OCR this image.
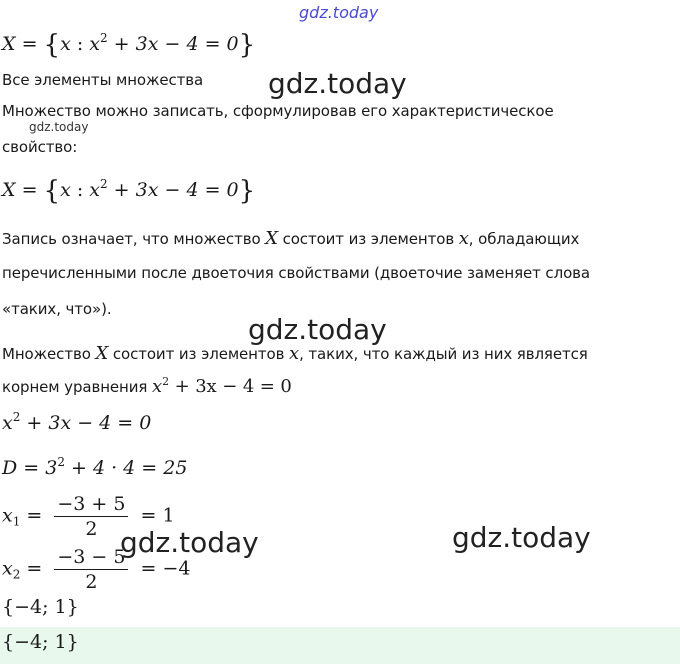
gdz.today
X = {x : $x^2 + 3x - 4 = 0$}
Все элементы множества gdz.today
Множество можно записать, сформулировав его характеристическое
gdz.today
свойство:
X = {x : $x^2 + 3x - 4 = 0$}
Запись означает, что множество X состоит из элементов x, обладающих
перечисленными после двоеточия свойствами (двоеточие заменяет слова
«таких, что»).
gdz.today
Множество X состоит из элементов x, таких, что каждый из них является
корнем уравнения $x^2 + 3x - 4 = 0$
$x^2 + 3x - 4 = 0$
$D = 3^2 + 4 \cdot 4 = 25$
$x_1 = \frac{-3 + 5}{2} = 1$
gdz.today	gdz.today
$x_2 = \frac{-3 - 5}{2} = -4$
{−4; 1}
{−4; 1}
